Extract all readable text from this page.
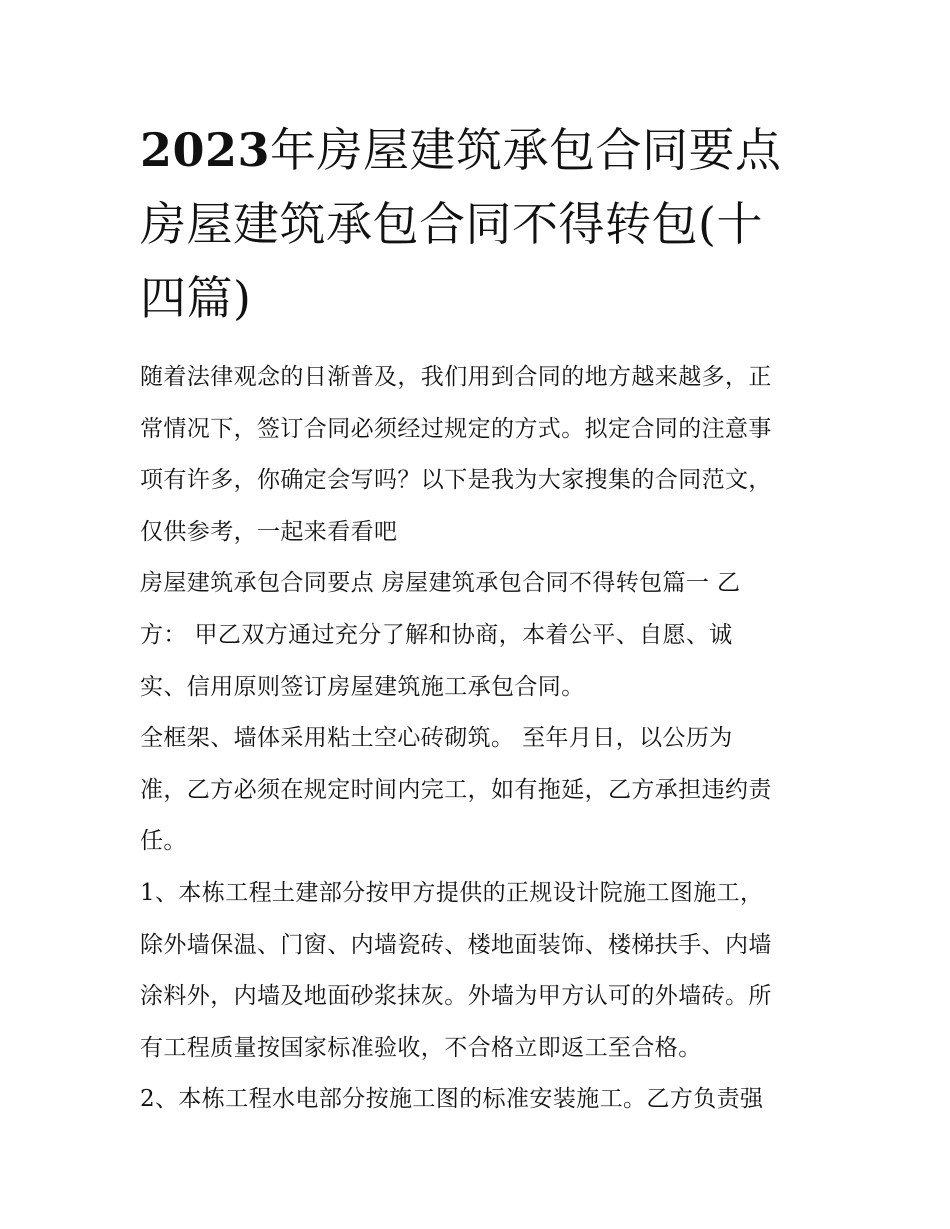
2023年房屋建筑承包合同要点
房屋建筑承包合同不得转包(十
四篇)
随着法律观念的日渐普及，我们用到合同的地方越来越多，正
常情况下，签订合同必须经过规定的方式。拟定合同的注意事
项有许多，你确定会写吗？以下是我为大家搜集的合同范文，
仅供参考，一起来看看吧
房屋建筑承包合同要点 房屋建筑承包合同不得转包篇一 乙
方： 甲乙双方通过充分了解和协商，本着公平、自愿、诚
实、信用原则签订房屋建筑施工承包合同。
全框架、墙体采用粘土空心砖砌筑。 至年月日，以公历为
准，乙方必须在规定时间内完工，如有拖延，乙方承担违约责
任。
1、本栋工程土建部分按甲方提供的正规设计院施工图施工，
除外墙保温、门窗、内墙瓷砖、楼地面装饰、楼梯扶手、内墙
涂料外，内墙及地面砂浆抹灰。外墙为甲方认可的外墙砖。所
有工程质量按国家标准验收，不合格立即返工至合格。
2、本栋工程水电部分按施工图的标准安装施工。乙方负责强
